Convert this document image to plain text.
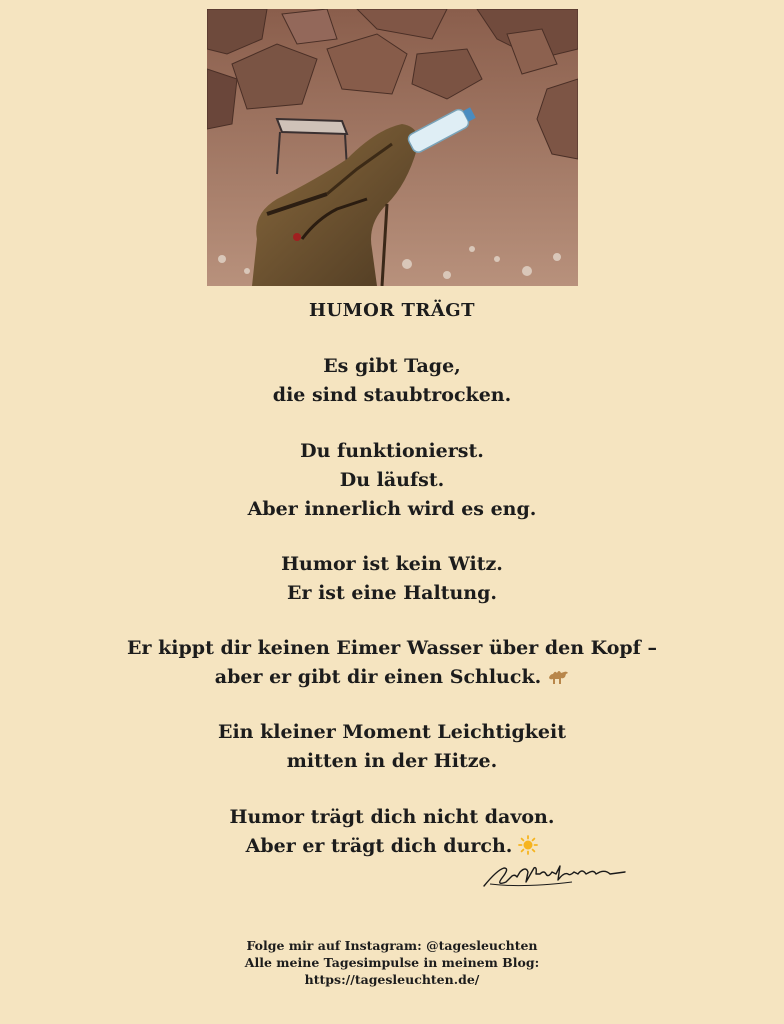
HUMOR TRÄGT
Es gibt Tage,
die sind staubtrocken.
Du funktionierst.
Du läufst.
Aber innerlich wird es eng.
Humor ist kein Witz.
Er ist eine Haltung.
Er kippt dir keinen Eimer Wasser über den Kopf –
aber er gibt dir einen Schluck.
Ein kleiner Moment Leichtigkeit
mitten in der Hitze.
Humor trägt dich nicht davon.
Aber er trägt dich durch.
Folge mir auf Instagram: @tagesleuchten
Alle meine Tagesimpulse in meinem Blog:
https://tagesleuchten.de/
